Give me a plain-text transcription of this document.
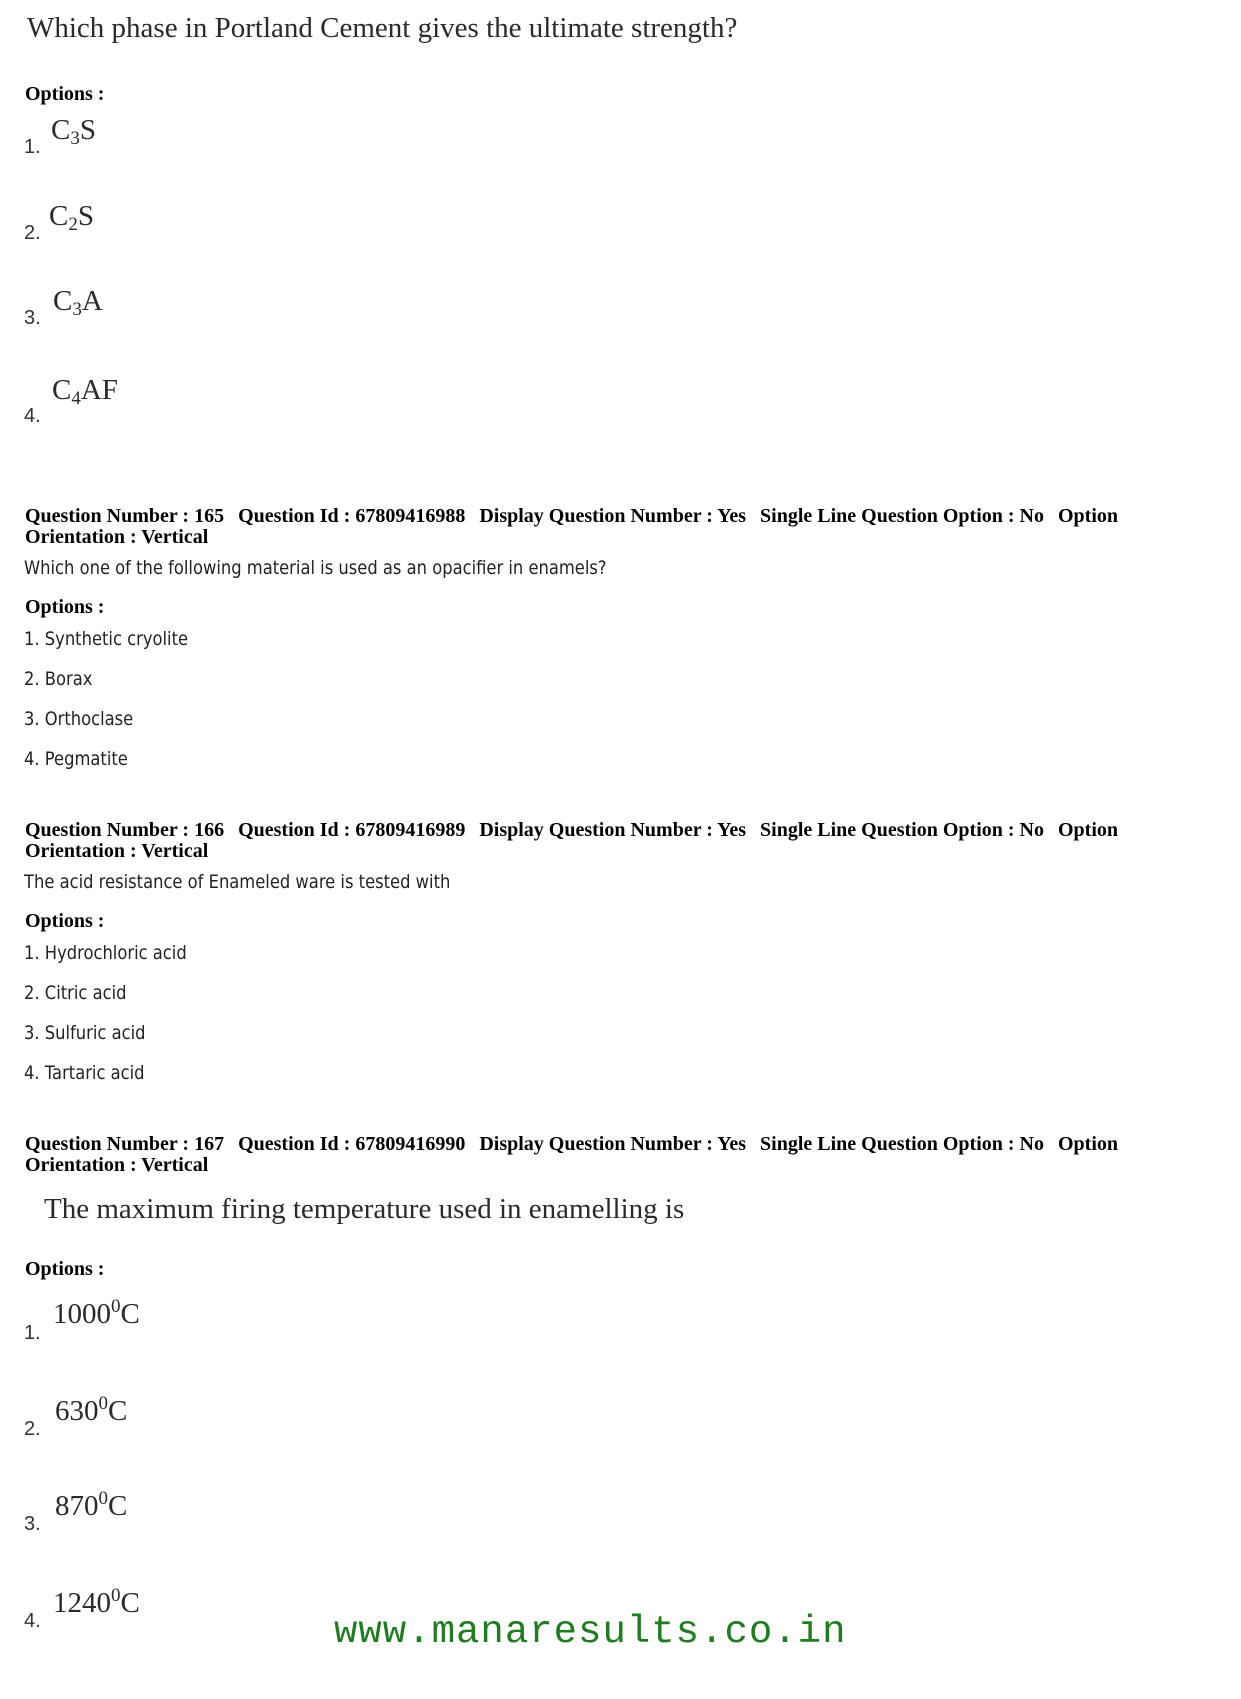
Which phase in Portland Cement gives the ultimate strength?
Options :
1.
$C_3S$
2.
$C_2S$
3.
$C_3A$
4.
$C_4AF$
Question Number : 165 Question Id : 67809416988 Display Question Number : Yes Single Line Question Option : No Option Orientation : Vertical
Which one of the following material is used as an opacifier in enamels?
Options :
1. Synthetic cryolite
2. Borax
3. Orthoclase
4. Pegmatite
Question Number : 166 Question Id : 67809416989 Display Question Number : Yes Single Line Question Option : No Option Orientation : Vertical
The acid resistance of Enameled ware is tested with
Options :
1. Hydrochloric acid
2. Citric acid
3. Sulfuric acid
4. Tartaric acid
Question Number : 167 Question Id : 67809416990 Display Question Number : Yes Single Line Question Option : No Option Orientation : Vertical
The maximum firing temperature used in enamelling is
Options :
1.
1000$^0$C
2.
$630^0C$
3.
$870^0C$
4.
1240$^0$C
www.manaresults.co.in
